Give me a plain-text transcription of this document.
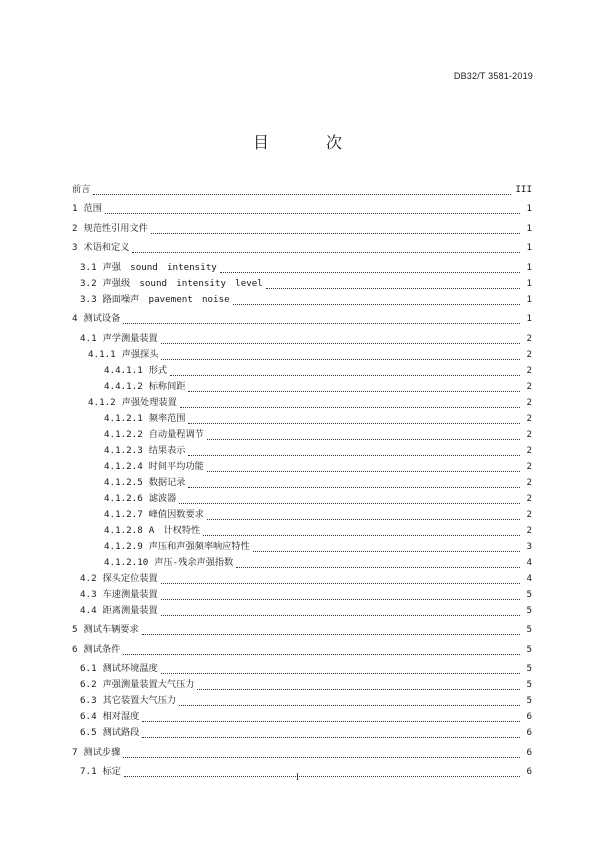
DB32/T 3581-2019
目 次
前言	III
1 范围	1
2 规范性引用文件	1
3 术语和定义	1
3.1 声强　sound　intensity	1
3.2 声强级　sound　intensity　level	1
3.3 路面噪声　pavement　noise	1
4 测试设备	1
4.1 声学测量装置	2
4.1.1 声强探头	2
4.4.1.1 形式	2
4.4.1.2 标称间距	2
4.1.2 声强处理装置	2
4.1.2.1 频率范围	2
4.1.2.2 自动量程调节	2
4.1.2.3 结果表示	2
4.1.2.4 时间平均功能	2
4.1.2.5 数据记录	2
4.1.2.6 滤波器	2
4.1.2.7 峰值因数要求	2
4.1.2.8 A　计权特性	2
4.1.2.9 声压和声强频率响应特性	3
4.1.2.10 声压-残余声强指数	4
4.2 探头定位装置	4
4.3 车速测量装置	5
4.4 距离测量装置	5
5 测试车辆要求	5
6 测试条件	5
6.1 测试环境温度	5
6.2 声强测量装置大气压力	5
6.3 其它装置大气压力	5
6.4 相对湿度	6
6.5 测试路段	6
7 测试步骤	6
7.1 标定	6
I
